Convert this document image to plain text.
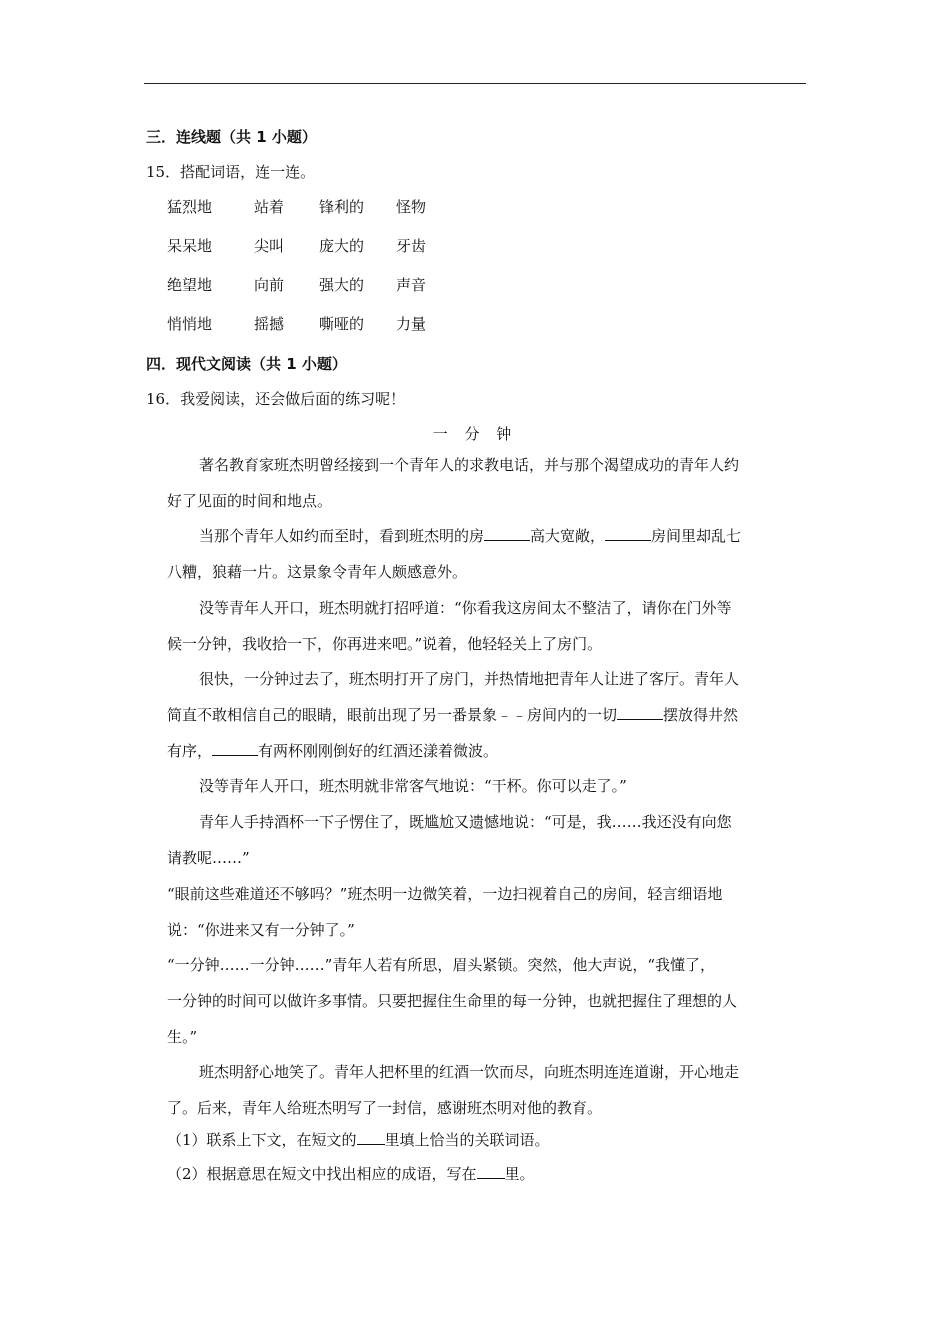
三．连线题（共 1 小题）
15．搭配词语，连一连。
猛烈地	站着	锋利的	怪物
呆呆地	尖叫	庞大的	牙齿
绝望地	向前	强大的	声音
悄悄地	摇撼	嘶哑的	力量
四．现代文阅读（共 1 小题）
16．我爱阅读，还会做后面的练习呢！
一 分 钟
著名教育家班杰明曾经接到一个青年人的求教电话，并与那个渴望成功的青年人约
好了见面的时间和地点。
当那个青年人如约而至时，看到班杰明的房	高大宽敞，	房间里却乱七
八糟，狼藉一片。这景象令青年人颇感意外。
没等青年人开口，班杰明就打招呼道：“你看我这房间太不整洁了，请你在门外等
候一分钟，我收拾一下，你再进来吧。”说着，他轻轻关上了房门。
很快，一分钟过去了，班杰明打开了房门，并热情地把青年人让进了客厅。青年人
简直不敢相信自己的眼睛，眼前出现了另一番景象﹣﹣房间内的一切	摆放得井然
有序，	有两杯刚刚倒好的红酒还漾着微波。
没等青年人开口，班杰明就非常客气地说：“干杯。你可以走了。”
青年人手持酒杯一下子愣住了，既尴尬又遗憾地说：“可是，我……我还没有向您
请教呢……”
“眼前这些难道还不够吗？”班杰明一边微笑着，一边扫视着自己的房间，轻言细语地
说：“你进来又有一分钟了。”
“一分钟……一分钟……”青年人若有所思，眉头紧锁。突然，他大声说，“我懂了，
一分钟的时间可以做许多事情。只要把握住生命里的每一分钟，也就把握住了理想的人
生。”
班杰明舒心地笑了。青年人把杯里的红酒一饮而尽，向班杰明连连道谢，开心地走
了。后来，青年人给班杰明写了一封信，感谢班杰明对他的教育。
（1）联系上下文，在短文的 里填上恰当的关联词语。
（2）根据意思在短文中找出相应的成语，写在 里。
